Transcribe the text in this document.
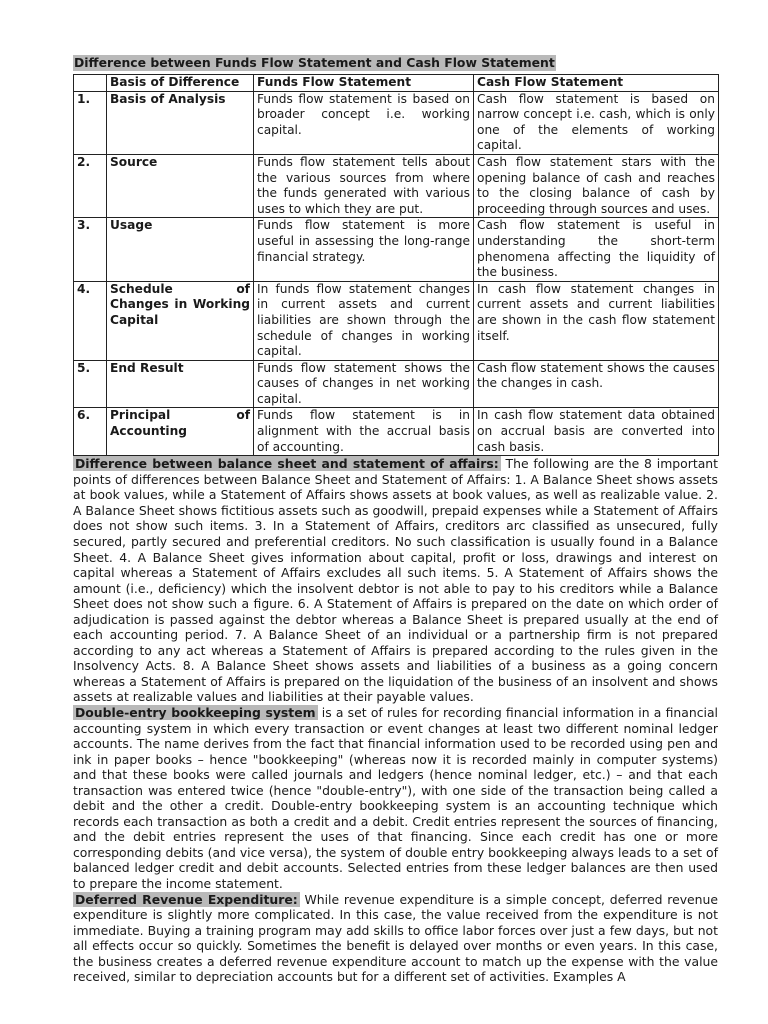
Difference between Funds Flow Statement and Cash Flow Statement
	Basis of Difference	Funds Flow Statement	Cash Flow Statement
1.	Basis of Analysis	Funds flow statement is based on broader concept i.e. working capital.	Cash flow statement is based on narrow concept i.e. cash, which is only one of the elements of working capital.
2.	Source	Funds flow statement tells about the various sources from where the funds generated with various uses to which they are put.	Cash flow statement stars with the opening balance of cash and reaches to the closing balance of cash by proceeding through sources and uses.
3.	Usage	Funds flow statement is more useful in assessing the long-range financial strategy.	Cash flow statement is useful in understanding the short-term phenomena affecting the liquidity of the business.
4.	Schedule of Changes in Working Capital	In funds flow statement changes in current assets and current liabilities are shown through the schedule of changes in working capital.	In cash flow statement changes in current assets and current liabilities are shown in the cash flow statement itself.
5.	End Result	Funds flow statement shows the causes of changes in net working capital.	Cash flow statement shows the causes the changes in cash.
6.	Principal of Accounting	Funds flow statement is in alignment with the accrual basis of accounting.	In cash flow statement data obtained on accrual basis are converted into cash basis.

Difference between balance sheet and statement of affairs: The following are the 8 important points of differences between Balance Sheet and Statement of Affairs: 1. A Balance Sheet shows assets at book values, while a Statement of Affairs shows assets at book values, as well as realizable value. 2. A Balance Sheet shows fictitious assets such as goodwill, prepaid expenses while a Statement of Affairs does not show such items. 3. In a Statement of Affairs, creditors arc classified as unsecured, fully secured, partly secured and preferential creditors. No such classification is usually found in a Balance Sheet. 4. A Balance Sheet gives information about capital, profit or loss, drawings and interest on capital whereas a Statement of Affairs excludes all such items. 5. A Statement of Affairs shows the amount (i.e., deficiency) which the insolvent debtor is not able to pay to his creditors while a Balance Sheet does not show such a figure. 6. A Statement of Affairs is prepared on the date on which order of adjudication is passed against the debtor whereas a Balance Sheet is prepared usually at the end of each accounting period. 7. A Balance Sheet of an individual or a partnership firm is not prepared according to any act whereas a Statement of Affairs is prepared according to the rules given in the Insolvency Acts. 8. A Balance Sheet shows assets and liabilities of a business as a going concern whereas a Statement of Affairs is prepared on the liquidation of the business of an insolvent and shows assets at realizable values and liabilities at their payable values.

Double-entry bookkeeping system is a set of rules for recording financial information in a financial accounting system in which every transaction or event changes at least two different nominal ledger accounts. The name derives from the fact that financial information used to be recorded using pen and ink in paper books – hence "bookkeeping" (whereas now it is recorded mainly in computer systems) and that these books were called journals and ledgers (hence nominal ledger, etc.) – and that each transaction was entered twice (hence "double-entry"), with one side of the transaction being called a debit and the other a credit. Double-entry bookkeeping system is an accounting technique which records each transaction as both a credit and a debit. Credit entries represent the sources of financing, and the debit entries represent the uses of that financing. Since each credit has one or more corresponding debits (and vice versa), the system of double entry bookkeeping always leads to a set of balanced ledger credit and debit accounts. Selected entries from these ledger balances are then used to prepare the income statement.

Deferred Revenue Expenditure: While revenue expenditure is a simple concept, deferred revenue expenditure is slightly more complicated. In this case, the value received from the expenditure is not immediate. Buying a training program may add skills to office labor forces over just a few days, but not all effects occur so quickly. Sometimes the benefit is delayed over months or even years. In this case, the business creates a deferred revenue expenditure account to match up the expense with the value received, similar to depreciation accounts but for a different set of activities. Examples A
